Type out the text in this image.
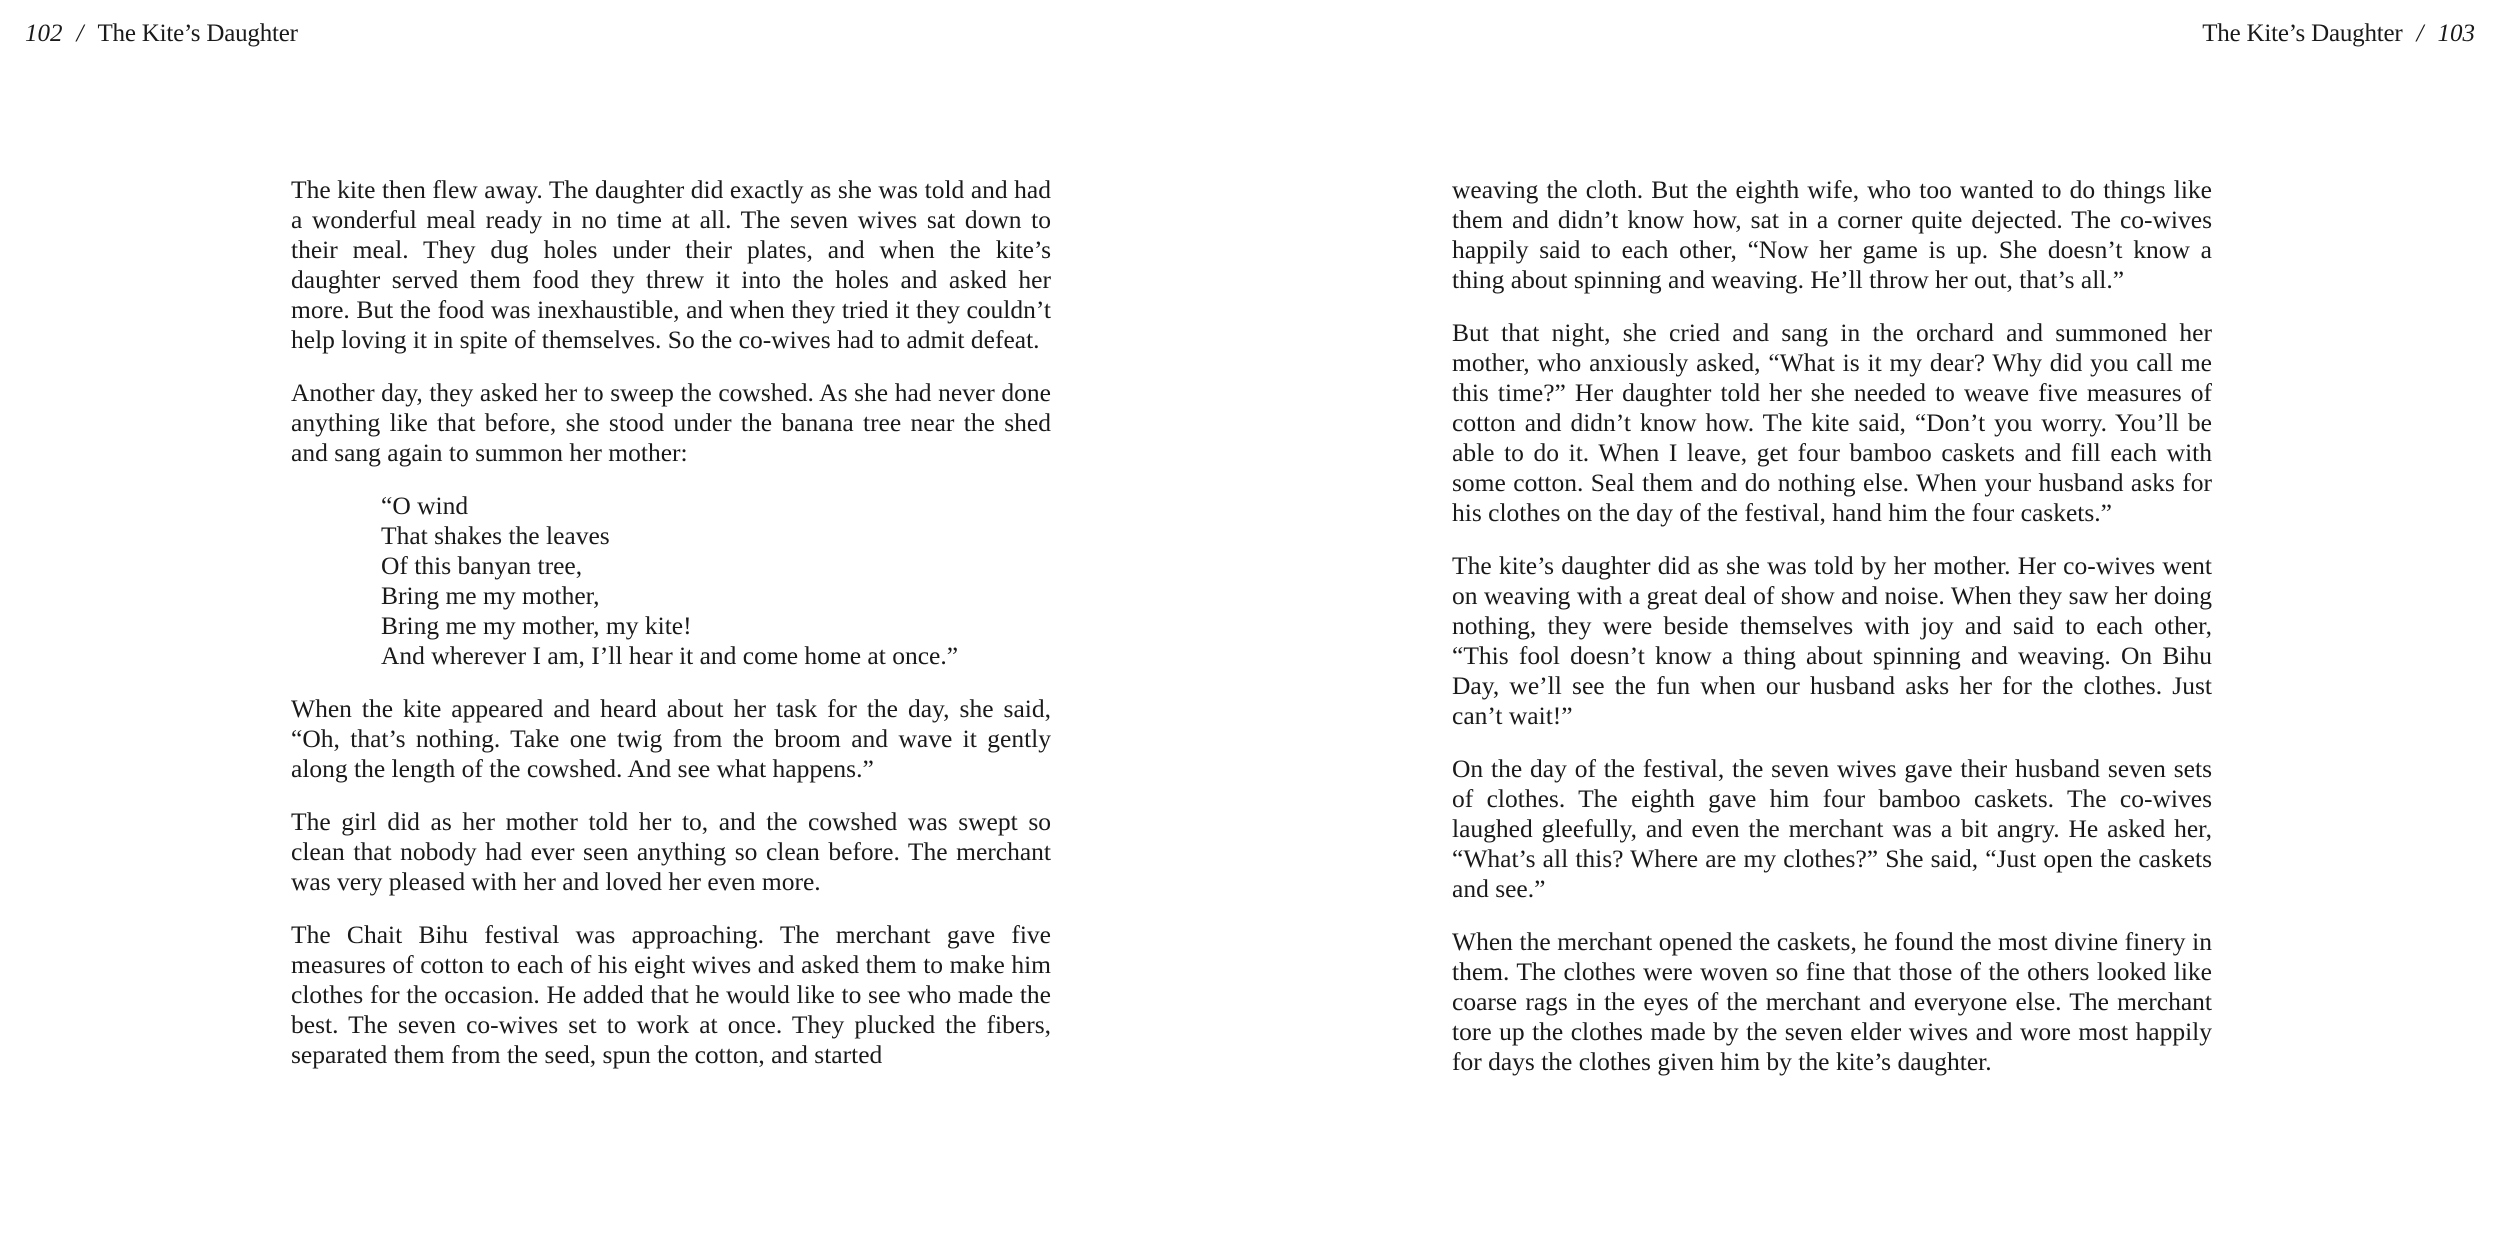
102 / The Kite’s Daughter

The kite then flew away. The daughter did exactly as she was told and had a wonderful meal ready in no time at all. The seven wives sat down to their meal. They dug holes under their plates, and when the kite’s daughter served them food they threw it into the holes and asked her more. But the food was inexhaustible, and when they tried it they couldn’t help loving it in spite of themselves. So the co-wives had to admit defeat.

Another day, they asked her to sweep the cowshed. As she had never done anything like that before, she stood under the banana tree near the shed and sang again to summon her mother:

“O wind
That shakes the leaves
Of this banyan tree,
Bring me my mother,
Bring me my mother, my kite!
And wherever I am, I’ll hear it and come home at once.”

When the kite appeared and heard about her task for the day, she said, “Oh, that’s nothing. Take one twig from the broom and wave it gently along the length of the cowshed. And see what happens.”

The girl did as her mother told her to, and the cowshed was swept so clean that nobody had ever seen anything so clean before. The merchant was very pleased with her and loved her even more.

The Chait Bihu festival was approaching. The merchant gave five measures of cotton to each of his eight wives and asked them to make him clothes for the occasion. He added that he would like to see who made the best. The seven co-wives set to work at once. They plucked the fibers, separated them from the seed, spun the cotton, and started

The Kite’s Daughter / 103

weaving the cloth. But the eighth wife, who too wanted to do things like them and didn’t know how, sat in a corner quite dejected. The co-wives happily said to each other, “Now her game is up. She doesn’t know a thing about spinning and weaving. He’ll throw her out, that’s all.”

But that night, she cried and sang in the orchard and summoned her mother, who anxiously asked, “What is it my dear? Why did you call me this time?” Her daughter told her she needed to weave five measures of cotton and didn’t know how. The kite said, “Don’t you worry. You’ll be able to do it. When I leave, get four bamboo caskets and fill each with some cotton. Seal them and do nothing else. When your husband asks for his clothes on the day of the festival, hand him the four caskets.”

The kite’s daughter did as she was told by her mother. Her co-wives went on weaving with a great deal of show and noise. When they saw her doing nothing, they were beside themselves with joy and said to each other, “This fool doesn’t know a thing about spinning and weaving. On Bihu Day, we’ll see the fun when our husband asks her for the clothes. Just can’t wait!”

On the day of the festival, the seven wives gave their husband seven sets of clothes. The eighth gave him four bamboo caskets. The co-wives laughed gleefully, and even the merchant was a bit angry. He asked her, “What’s all this? Where are my clothes?” She said, “Just open the caskets and see.”

When the merchant opened the caskets, he found the most divine finery in them. The clothes were woven so fine that those of the others looked like coarse rags in the eyes of the merchant and everyone else. The merchant tore up the clothes made by the seven elder wives and wore most happily for days the clothes given him by the kite’s daughter.
